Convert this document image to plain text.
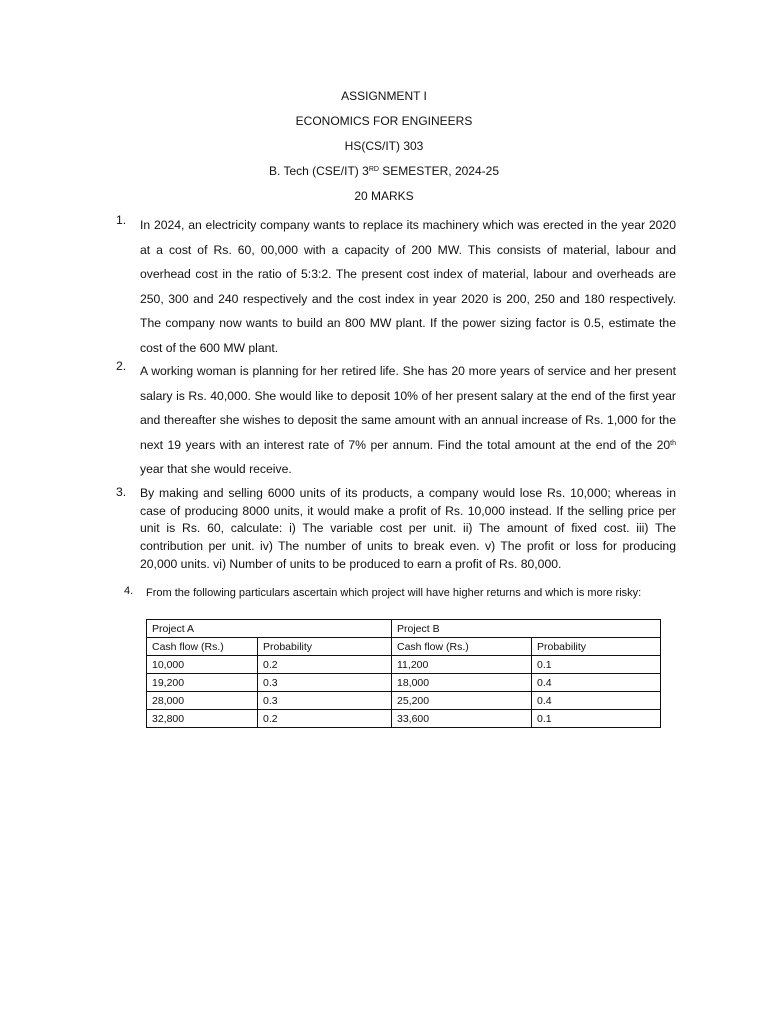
ASSIGNMENT I
ECONOMICS FOR ENGINEERS
HS(CS/IT) 303
B. Tech (CSE/IT) 3RD SEMESTER, 2024-25
20 MARKS
1.	In 2024, an electricity company wants to replace its machinery which was erected in the year 2020 at a cost of Rs. 60, 00,000 with a capacity of 200 MW. This consists of material, labour and overhead cost in the ratio of 5:3:2. The present cost index of material, labour and overheads are 250, 300 and 240 respectively and the cost index in year 2020 is 200, 250 and 180 respectively. The company now wants to build an 800 MW plant. If the power sizing factor is 0.5, estimate the cost of the 600 MW plant.
2.	A working woman is planning for her retired life. She has 20 more years of service and her present salary is Rs. 40,000. She would like to deposit 10% of her present salary at the end of the first year and thereafter she wishes to deposit the same amount with an annual increase of Rs. 1,000 for the next 19 years with an interest rate of 7% per annum. Find the total amount at the end of the 20th year that she would receive.
3.	By making and selling 6000 units of its products, a company would lose Rs. 10,000; whereas in case of producing 8000 units, it would make a profit of Rs. 10,000 instead. If the selling price per unit is Rs. 60, calculate: i) The variable cost per unit. ii) The amount of fixed cost. iii) The contribution per unit. iv) The number of units to break even. v) The profit or loss for producing 20,000 units. vi) Number of units to be produced to earn a profit of Rs. 80,000.
4. From the following particulars ascertain which project will have higher returns and which is more risky:
Project A		Project B	
Cash flow (Rs.)	Probability	Cash flow (Rs.)	Probability
10,000	0.2	11,200	0.1
19,200	0.3	18,000	0.4
28,000	0.3	25,200	0.4
32,800	0.2	33,600	0.1
